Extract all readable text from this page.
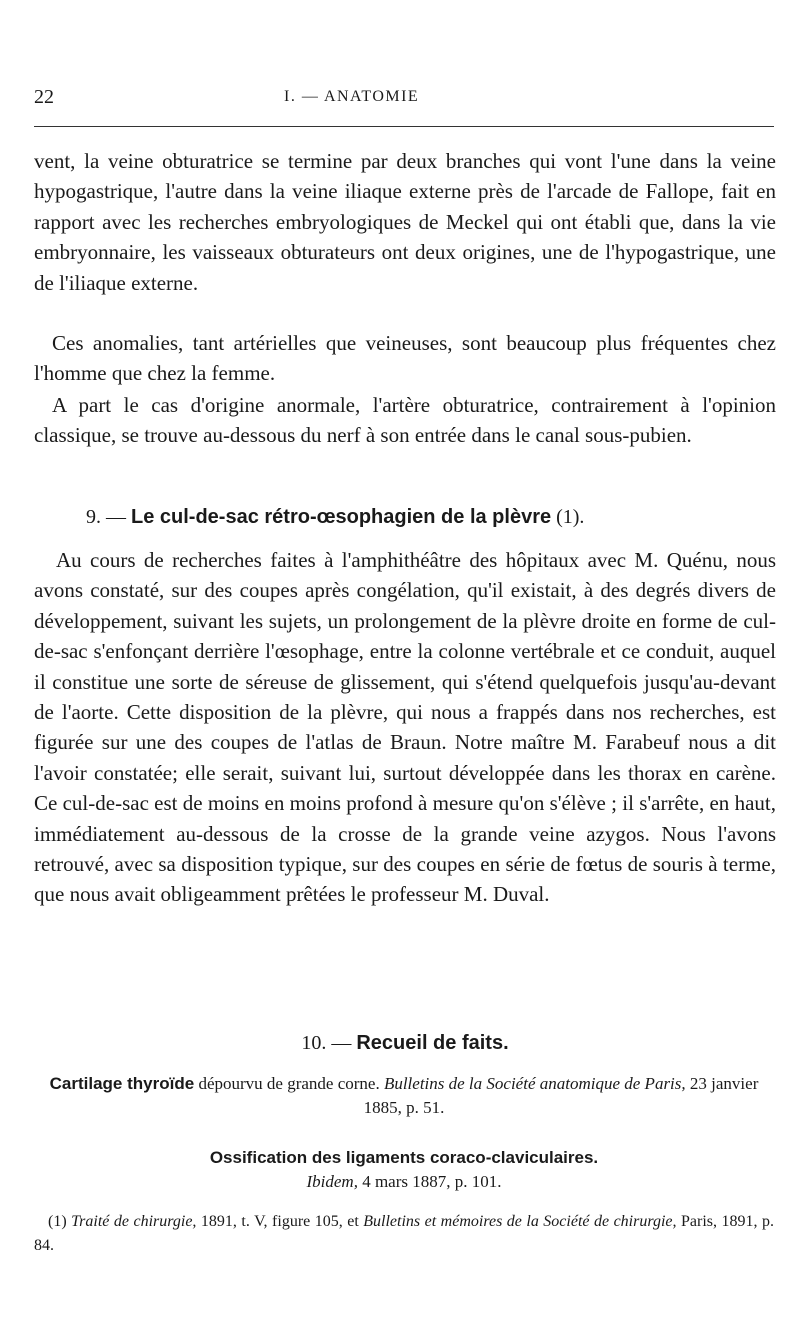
22	I. — ANATOMIE

vent, la veine obturatrice se termine par deux branches qui vont l'une dans la veine hypogastrique, l'autre dans la veine iliaque externe près de l'arcade de Fallope, fait en rapport avec les recherches embryologiques de Meckel qui ont établi que, dans la vie embryonnaire, les vaisseaux obturateurs ont deux origines, une de l'hypogastrique, une de l'iliaque externe.

Ces anomalies, tant artérielles que veineuses, sont beaucoup plus fréquentes chez l'homme que chez la femme.

A part le cas d'origine anormale, l'artère obturatrice, contrairement à l'opinion classique, se trouve au-dessous du nerf à son entrée dans le canal sous-pubien.

9. — Le cul-de-sac rétro-œsophagien de la plèvre (1).

Au cours de recherches faites à l'amphithéâtre des hôpitaux avec M. Quénu, nous avons constaté, sur des coupes après congélation, qu'il existait, à des degrés divers de développement, suivant les sujets, un prolongement de la plèvre droite en forme de cul-de-sac s'enfonçant derrière l'œsophage, entre la colonne vertébrale et ce conduit, auquel il constitue une sorte de séreuse de glissement, qui s'étend quelquefois jusqu'au-devant de l'aorte. Cette disposition de la plèvre, qui nous a frappés dans nos recherches, est figurée sur une des coupes de l'atlas de Braun. Notre maître M. Farabeuf nous a dit l'avoir constatée; elle serait, suivant lui, surtout développée dans les thorax en carène. Ce cul-de-sac est de moins en moins profond à mesure qu'on s'élève ; il s'arrête, en haut, immédiatement au-dessous de la crosse de la grande veine azygos. Nous l'avons retrouvé, avec sa disposition typique, sur des coupes en série de fœtus de souris à terme, que nous avait obligeamment prêtées le professeur M. Duval.

10. — Recueil de faits.

Cartilage thyroïde dépourvu de grande corne. Bulletins de la Société anatomique de Paris, 23 janvier 1885, p. 51.

Ossification des ligaments coraco-claviculaires.
Ibidem, 4 mars 1887, p. 101.

(1) Traité de chirurgie, 1891, t. V, figure 105, et Bulletins et mémoires de la Société de chirurgie, Paris, 1891, p. 84.
